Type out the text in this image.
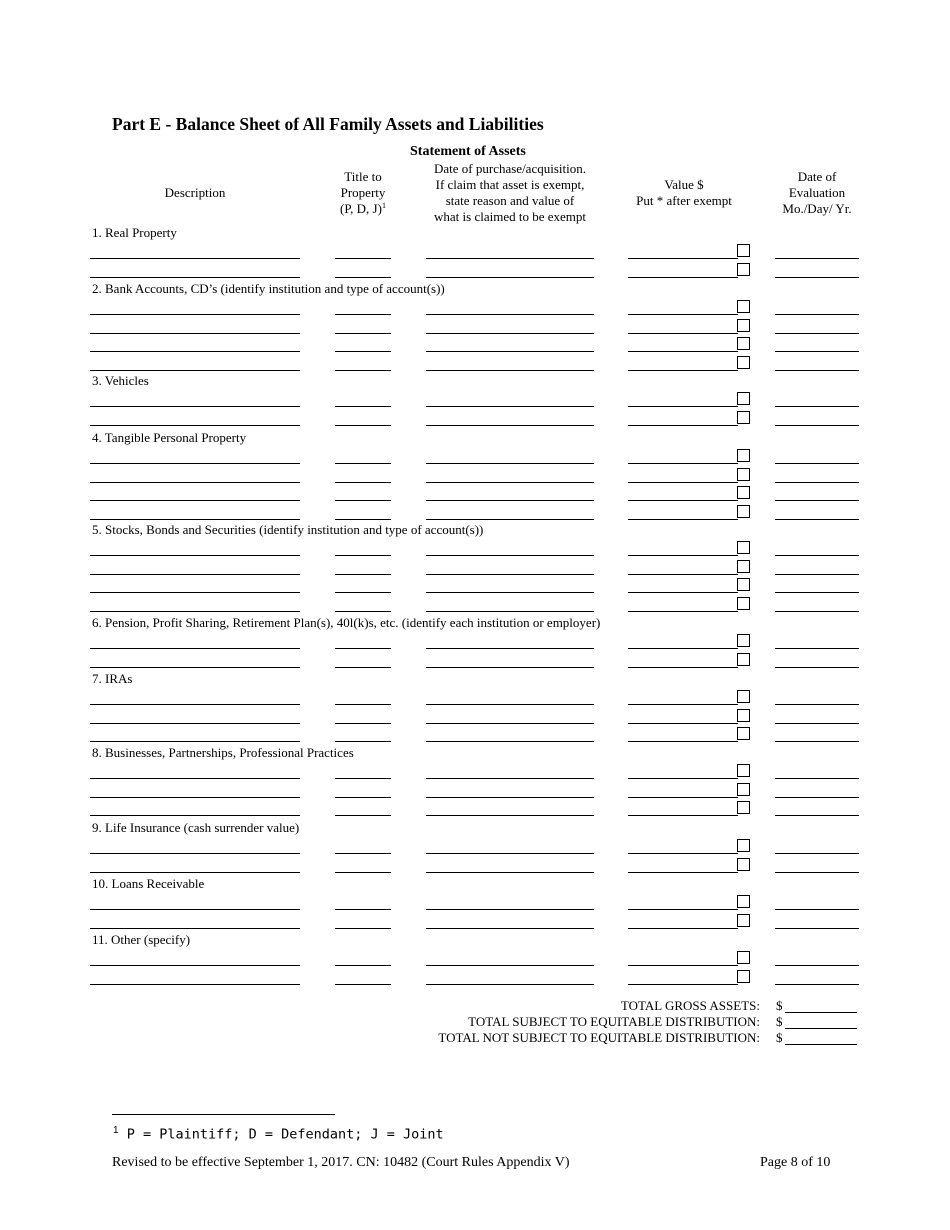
Part E - Balance Sheet of All Family Assets and Liabilities
Statement of Assets
Description
Title to
Property
(P, D, J)$^1$
Date of purchase/acquisition.
If claim that asset is exempt,
state reason and value of
what is claimed to be exempt
Value $
Put * after exempt
Date of
Evaluation
Mo./Day/ Yr.
1. Real Property
2. Bank Accounts, CD’s (identify institution and type of account(s))
3. Vehicles
4. Tangible Personal Property
5. Stocks, Bonds and Securities (identify institution and type of account(s))
6. Pension, Profit Sharing, Retirement Plan(s), 40l(k)s, etc. (identify each institution or employer)
7. IRAs
8. Businesses, Partnerships, Professional Practices
9. Life Insurance (cash surrender value)
10. Loans Receivable
11. Other (specify)
TOTAL GROSS ASSETS: $
TOTAL SUBJECT TO EQUITABLE DISTRIBUTION: $
TOTAL NOT SUBJECT TO EQUITABLE DISTRIBUTION: $
$^1$ P = Plaintiff; D = Defendant; J = Joint
Revised to be effective September 1, 2017. CN: 10482 (Court Rules Appendix V)	Page 8 of 10
